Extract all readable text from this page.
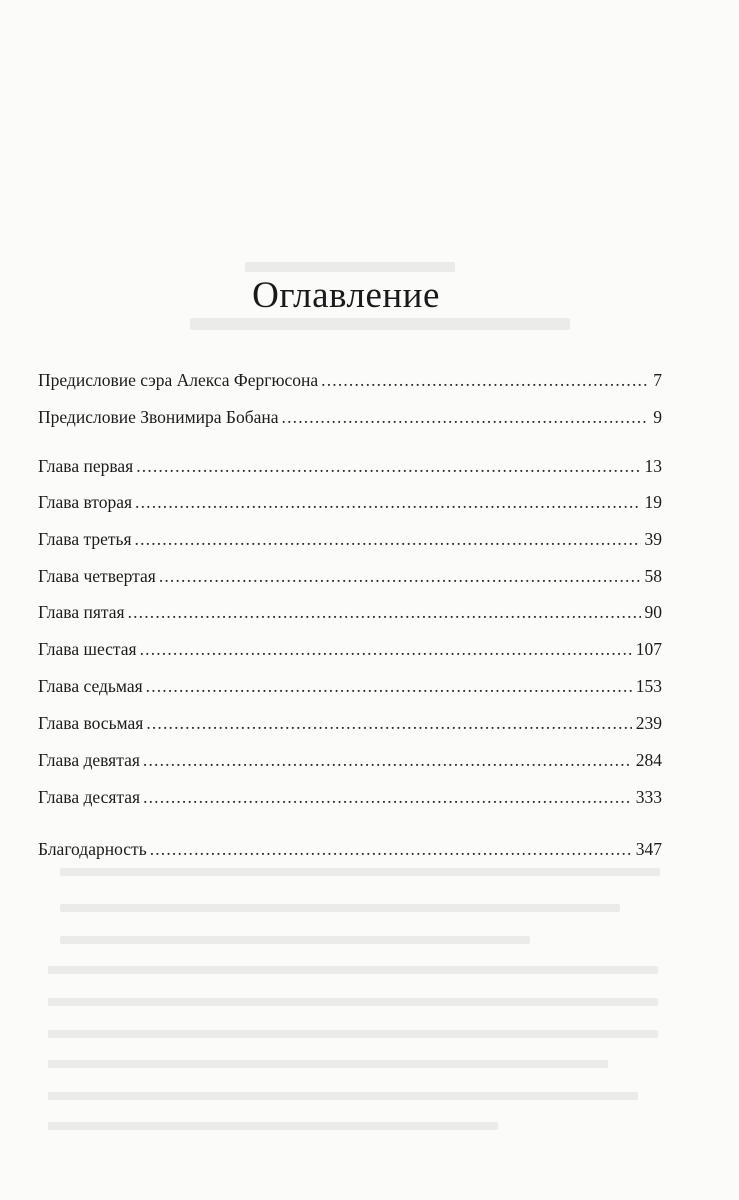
Оглавление
Предисловие сэра Алекса Фергюсона . . .	7
Предисловие Звонимира Бобана . . .	9
Глава первая . . .	13
Глава вторая . . .	19
Глава третья . . .	39
Глава четвертая . . .	58
Глава пятая . . .	90
Глава шестая . . .	107
Глава седьмая . . .	153
Глава восьмая . . .	239
Глава девятая . . .	284
Глава десятая . . .	333
Благодарность . . .	347
